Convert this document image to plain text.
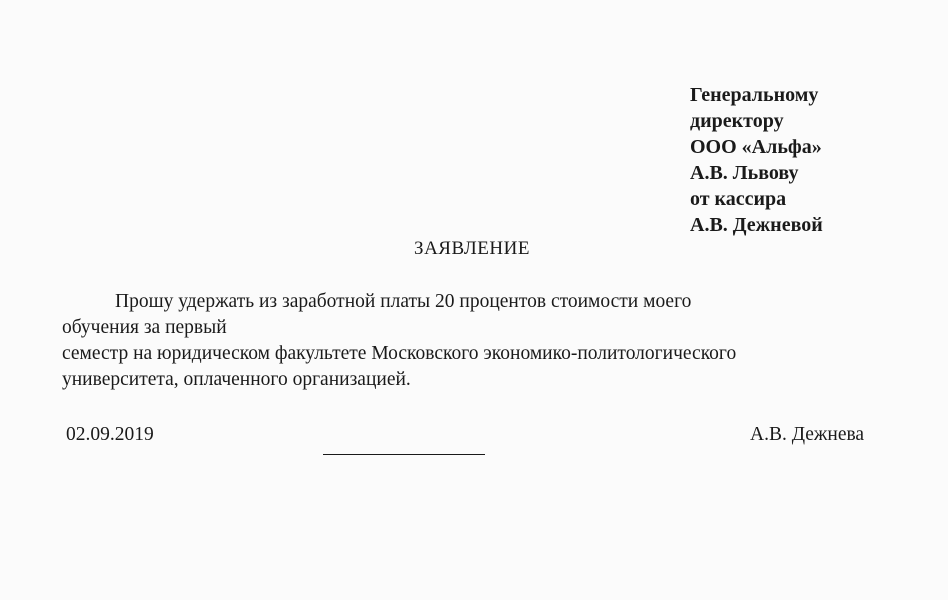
Генеральному
директору
ООО «Альфа»
А.В. Львову
от кассира
А.В. Дежневой
ЗАЯВЛЕНИЕ
Прошу удержать из заработной платы 20 процентов стоимости моего
обучения за первый
семестр на юридическом факультете Московского экономико-политологического
университета, оплаченного организацией.
02.09.2019	А.В. Дежнева
